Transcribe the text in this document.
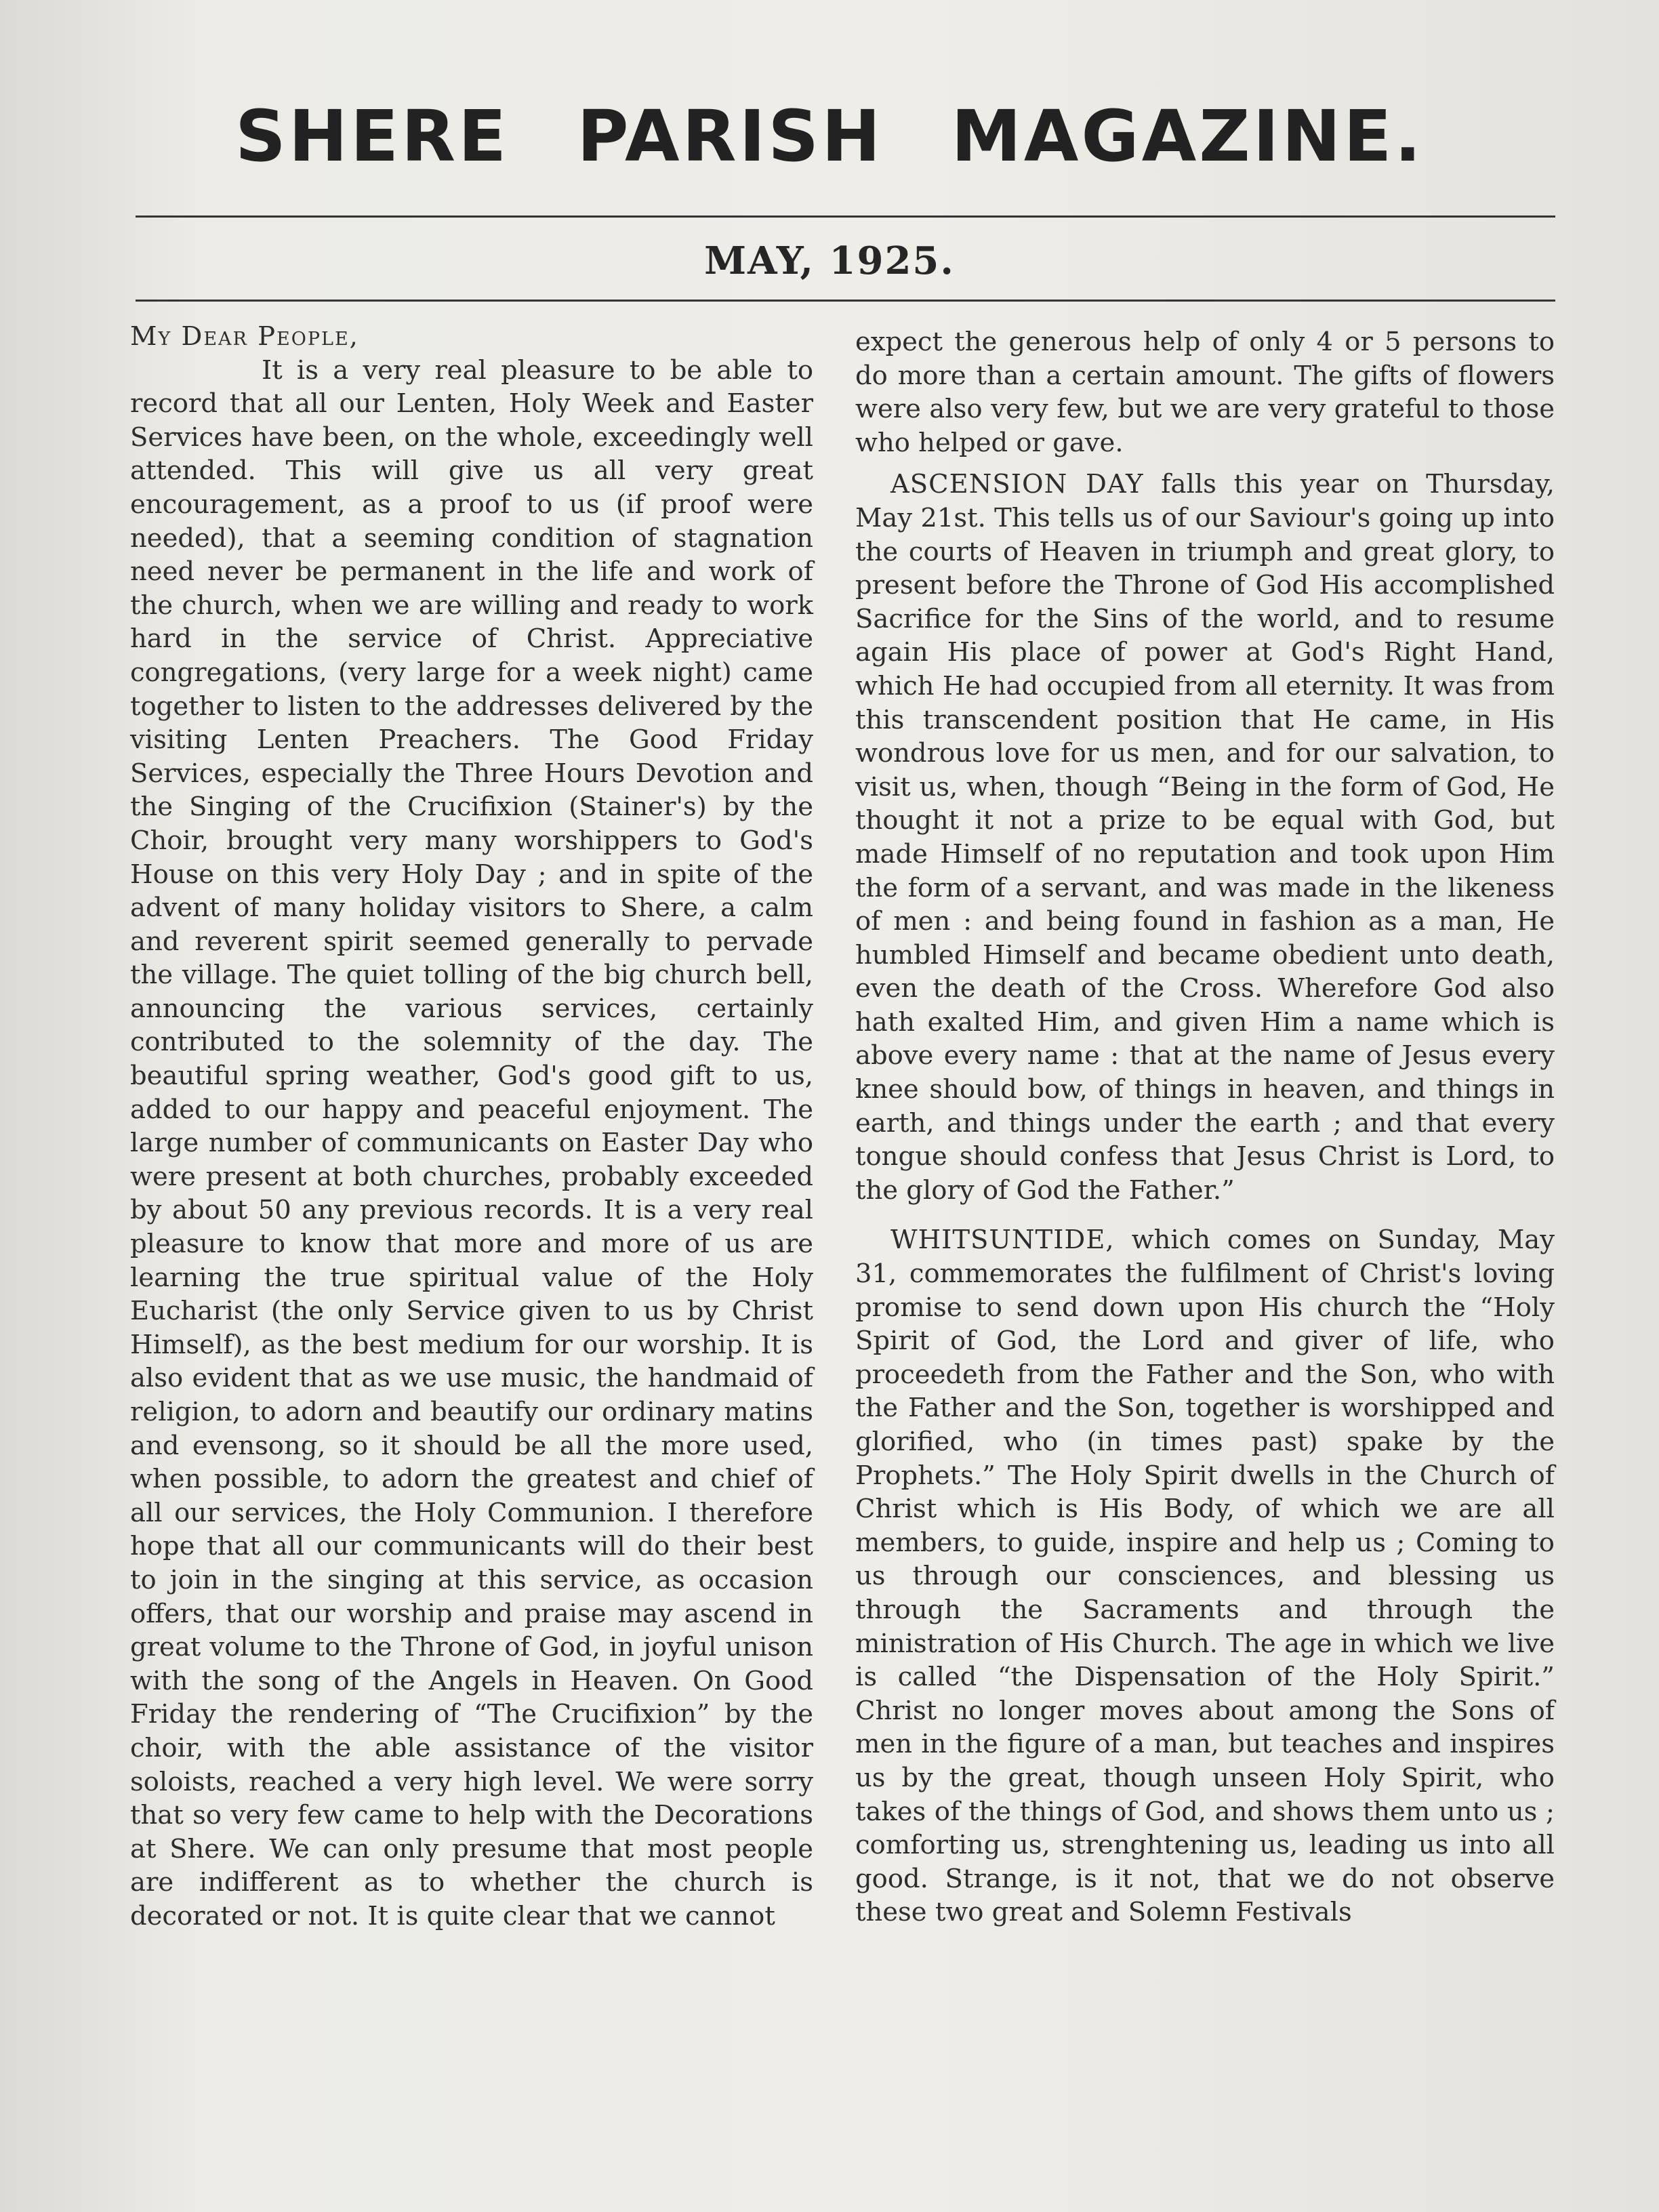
SHERE PARISH MAGAZINE.
MAY, 1925.

My Dear People,

It is a very real pleasure to be able to record that all our Lenten, Holy Week and Easter Services have been, on the whole, exceedingly well attended. This will give us all very great encouragement, as a proof to us (if proof were needed), that a seeming condition of stagnation need never be permanent in the life and work of the church, when we are willing and ready to work hard in the service of Christ. Appreciative congregations, (very large for a week night) came together to listen to the addresses delivered by the visiting Lenten Preachers. The Good Friday Services, especially the Three Hours Devotion and the Singing of the Crucifixion (Stainer's) by the Choir, brought very many worshippers to God's House on this very Holy Day ; and in spite of the advent of many holiday visitors to Shere, a calm and reverent spirit seemed generally to pervade the village. The quiet tolling of the big church bell, announcing the various services, certainly contributed to the solemnity of the day. The beautiful spring weather, God's good gift to us, added to our happy and peaceful enjoyment. The large number of communicants on Easter Day who were present at both churches, probably exceeded by about 50 any previous records. It is a very real pleasure to know that more and more of us are learning the true spiritual value of the Holy Eucharist (the only Service given to us by Christ Himself), as the best medium for our worship. It is also evident that as we use music, the handmaid of religion, to adorn and beautify our ordinary matins and evensong, so it should be all the more used, when possible, to adorn the greatest and chief of all our services, the Holy Communion. I therefore hope that all our communicants will do their best to join in the singing at this service, as occasion offers, that our worship and praise may ascend in great volume to the Throne of God, in joyful unison with the song of the Angels in Heaven. On Good Friday the rendering of “The Crucifixion” by the choir, with the able assistance of the visitor soloists, reached a very high level. We were sorry that so very few came to help with the Decorations at Shere. We can only presume that most people are indifferent as to whether the church is decorated or not. It is quite clear that we cannot

expect the generous help of only 4 or 5 persons to do more than a certain amount. The gifts of flowers were also very few, but we are very grateful to those who helped or gave.

ASCENSION DAY falls this year on Thursday, May 21st. This tells us of our Saviour's going up into the courts of Heaven in triumph and great glory, to present before the Throne of God His accomplished Sacrifice for the Sins of the world, and to resume again His place of power at God's Right Hand, which He had occupied from all eternity. It was from this transcendent position that He came, in His wondrous love for us men, and for our salvation, to visit us, when, though “Being in the form of God, He thought it not a prize to be equal with God, but made Himself of no reputation and took upon Him the form of a servant, and was made in the likeness of men : and being found in fashion as a man, He humbled Himself and became obedient unto death, even the death of the Cross. Wherefore God also hath exalted Him, and given Him a name which is above every name : that at the name of Jesus every knee should bow, of things in heaven, and things in earth, and things under the earth ; and that every tongue should confess that Jesus Christ is Lord, to the glory of God the Father.”

WHITSUNTIDE, which comes on Sunday, May 31, commemorates the fulfilment of Christ's loving promise to send down upon His church the “Holy Spirit of God, the Lord and giver of life, who proceedeth from the Father and the Son, who with the Father and the Son, together is worshipped and glorified, who (in times past) spake by the Prophets.” The Holy Spirit dwells in the Church of Christ which is His Body, of which we are all members, to guide, inspire and help us ; Coming to us through our consciences, and blessing us through the Sacraments and through the ministration of His Church. The age in which we live is called “the Dispensation of the Holy Spirit.” Christ no longer moves about among the Sons of men in the figure of a man, but teaches and inspires us by the great, though unseen Holy Spirit, who takes of the things of God, and shows them unto us ; comforting us, strenghtening us, leading us into all good. Strange, is it not, that we do not observe these two great and Solemn Festivals
